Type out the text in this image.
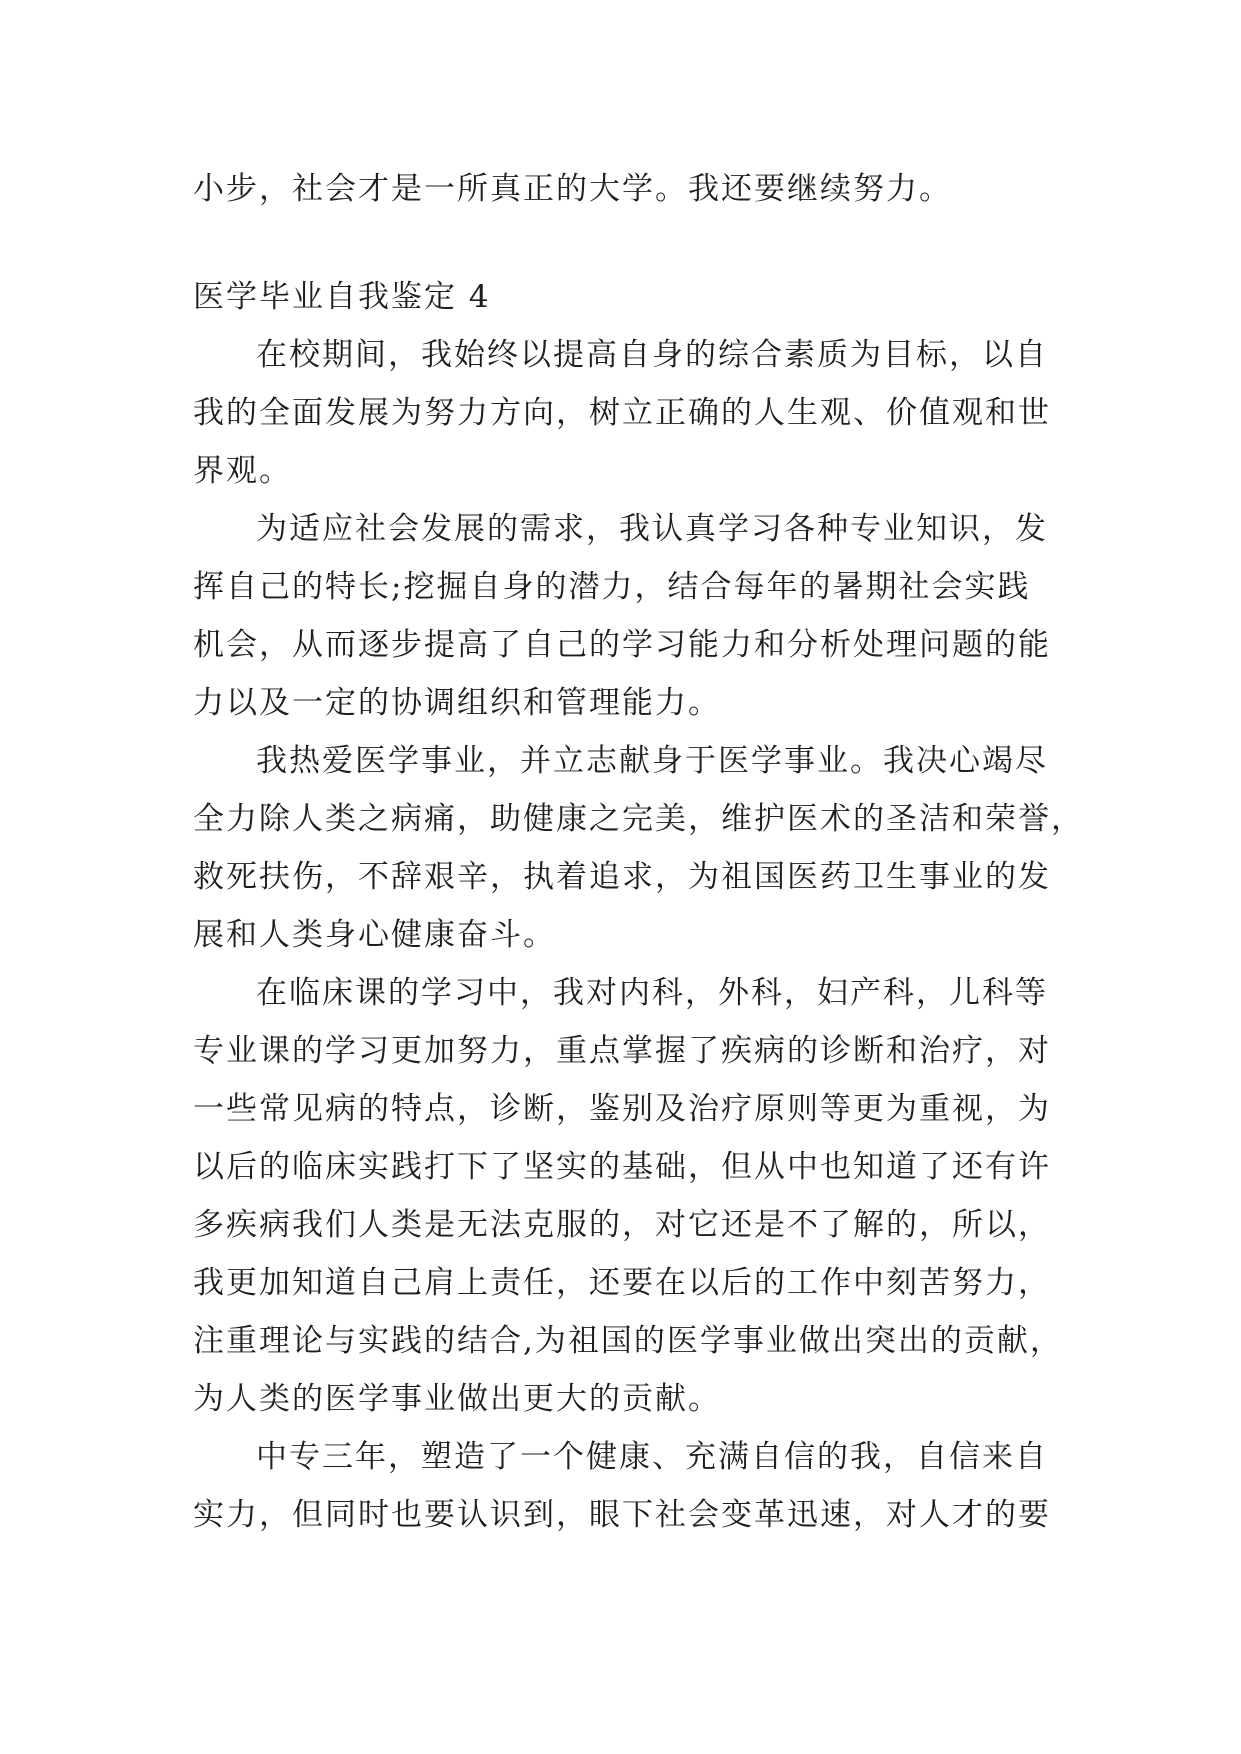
小步，社会才是一所真正的大学。我还要继续努力。
医学毕业自我鉴定 4
在校期间，我始终以提高自身的综合素质为目标，以自
我的全面发展为努力方向，树立正确的人生观、价值观和世
界观。
为适应社会发展的需求，我认真学习各种专业知识，发
挥自己的特长;挖掘自身的潜力，结合每年的暑期社会实践
机会，从而逐步提高了自己的学习能力和分析处理问题的能
力以及一定的协调组织和管理能力。
我热爱医学事业，并立志献身于医学事业。我决心竭尽
全力除人类之病痛，助健康之完美，维护医术的圣洁和荣誉，
救死扶伤，不辞艰辛，执着追求，为祖国医药卫生事业的发
展和人类身心健康奋斗。
在临床课的学习中，我对内科，外科，妇产科，儿科等
专业课的学习更加努力，重点掌握了疾病的诊断和治疗，对
一些常见病的特点，诊断，鉴别及治疗原则等更为重视，为
以后的临床实践打下了坚实的基础，但从中也知道了还有许
多疾病我们人类是无法克服的，对它还是不了解的，所以，
我更加知道自己肩上责任，还要在以后的工作中刻苦努力，
注重理论与实践的结合,为祖国的医学事业做出突出的贡献，
为人类的医学事业做出更大的贡献。
中专三年，塑造了一个健康、充满自信的我，自信来自
实力，但同时也要认识到，眼下社会变革迅速，对人才的要
